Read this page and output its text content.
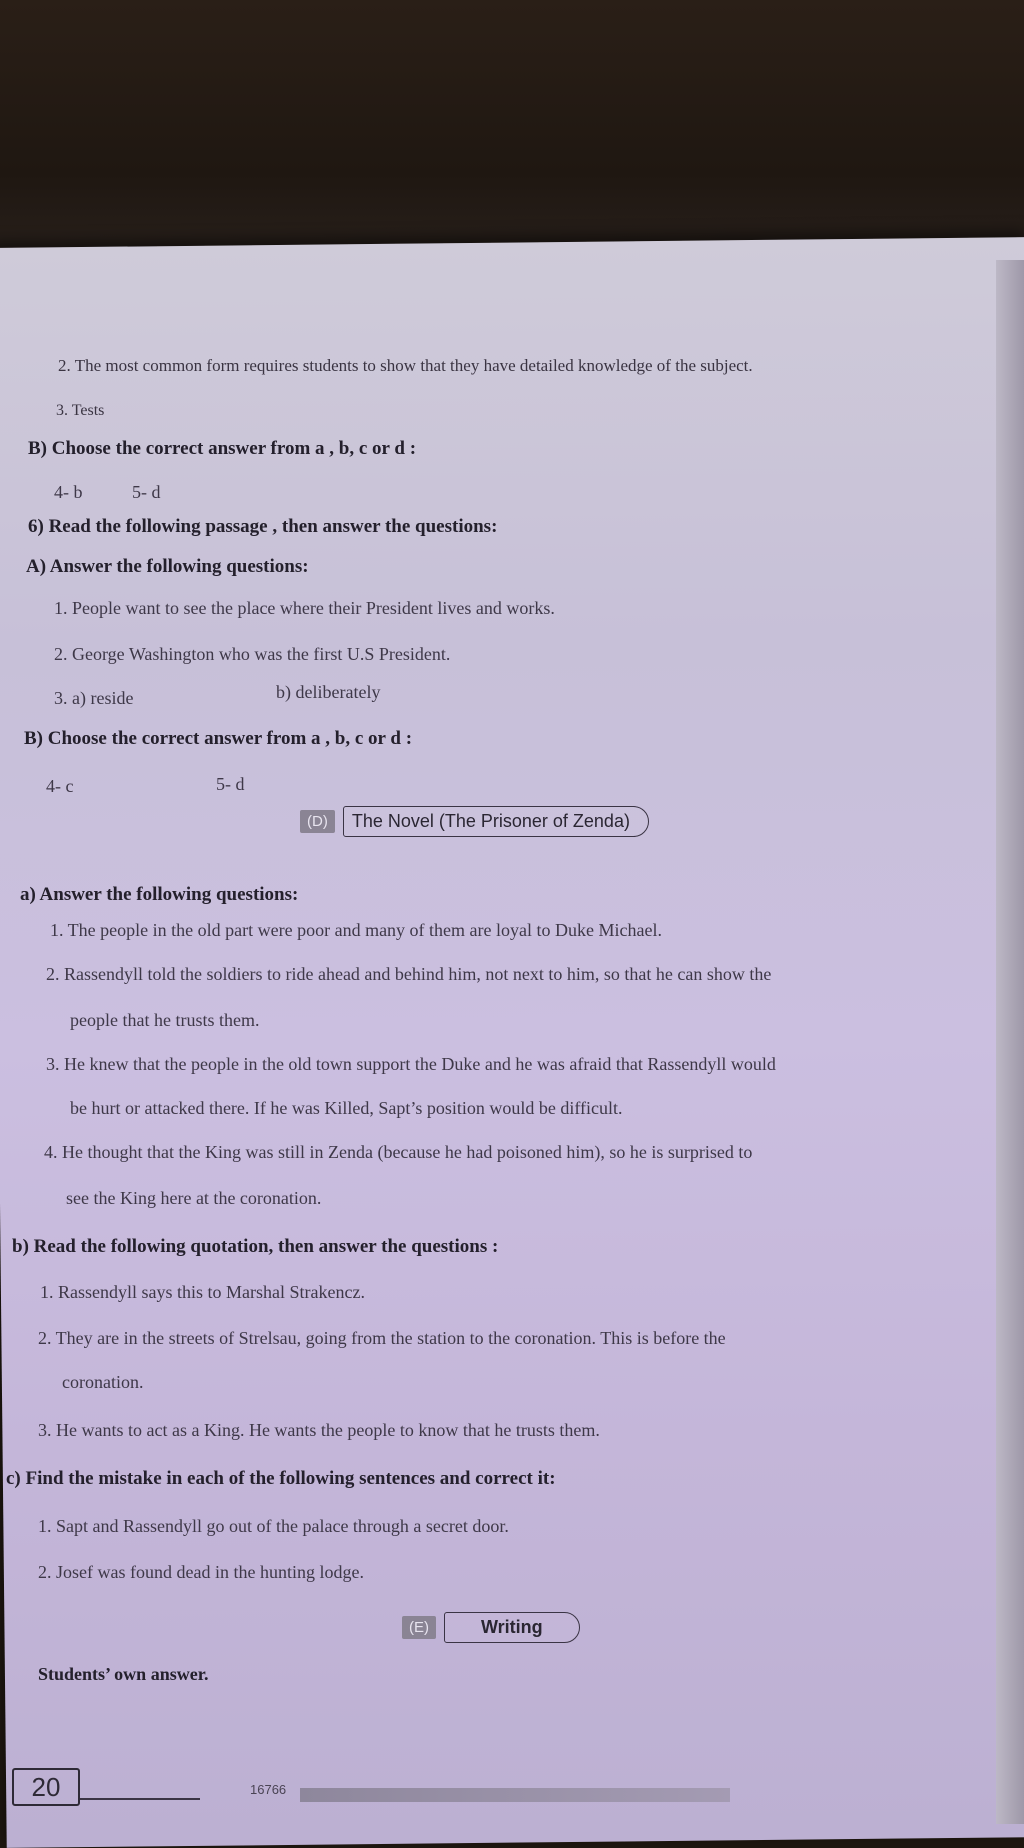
2. The most common form requires students to show that they have detailed knowledge of the subject.
3. Tests
B) Choose the correct answer from a , b, c or d :
4- b	5- d
6) Read the following passage , then answer the questions:
A) Answer the following questions:
1. People want to see the place where their President lives and works.
2. George Washington who was the first U.S President.
3. a) reside	b) deliberately
B) Choose the correct answer from a , b, c or d :
4- c	5- d
(D)	The Novel (The Prisoner of Zenda)
a) Answer the following questions:
1. The people in the old part were poor and many of them are loyal to Duke Michael.
2. Rassendyll told the soldiers to ride ahead and behind him, not next to him, so that he can show the
people that he trusts them.
3. He knew that the people in the old town support the Duke and he was afraid that Rassendyll would
be hurt or attacked there. If he was Killed, Sapt’s position would be difficult.
4. He thought that the King was still in Zenda (because he had poisoned him), so he is surprised to
see the King here at the coronation.
b) Read the following quotation, then answer the questions :
1. Rassendyll says this to Marshal Strakencz.
2. They are in the streets of Strelsau, going from the station to the coronation. This is before the
coronation.
3. He wants to act as a King. He wants the people to know that he trusts them.
c) Find the mistake in each of the following sentences and correct it:
1. Sapt and Rassendyll go out of the palace through a secret door.
2. Josef was found dead in the hunting lodge.
(E)	Writing
Students’ own answer.
20	16766
